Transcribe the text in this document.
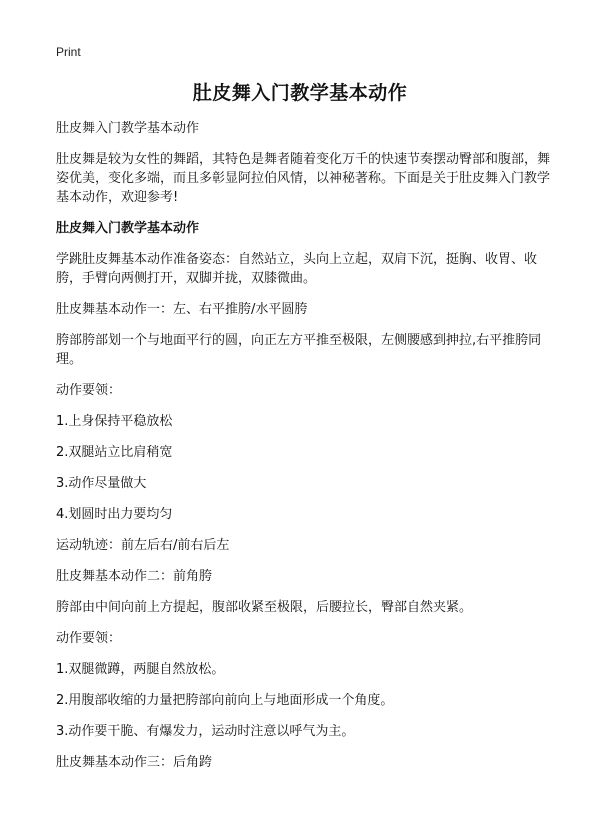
Print
肚皮舞入门教学基本动作

肚皮舞入门教学基本动作

肚皮舞是较为女性的舞蹈，其特色是舞者随着变化万千的快速节奏摆动臀部和腹部，舞姿优美，变化多端，而且多彰显阿拉伯风情，以神秘著称。下面是关于肚皮舞入门教学基本动作，欢迎参考!

肚皮舞入门教学基本动作

学跳肚皮舞基本动作准备姿态：自然站立，头向上立起，双肩下沉，挺胸、收胃、收胯，手臂向两侧打开，双脚并拢，双膝微曲。

肚皮舞基本动作一：左、右平推胯/水平圆胯

胯部胯部划一个与地面平行的圆，向正左方平推至极限，左侧腰感到抻拉,右平推胯同理。

动作要领：

1.上身保持平稳放松

2.双腿站立比肩稍宽

3.动作尽量做大

4.划圆时出力要均匀

运动轨迹：前左后右/前右后左

肚皮舞基本动作二：前角胯

胯部由中间向前上方提起，腹部收紧至极限，后腰拉长，臀部自然夹紧。

动作要领：

1.双腿微蹲，两腿自然放松。

2.用腹部收缩的力量把胯部向前向上与地面形成一个角度。

3.动作要干脆、有爆发力，运动时注意以呼气为主。

肚皮舞基本动作三：后角跨
